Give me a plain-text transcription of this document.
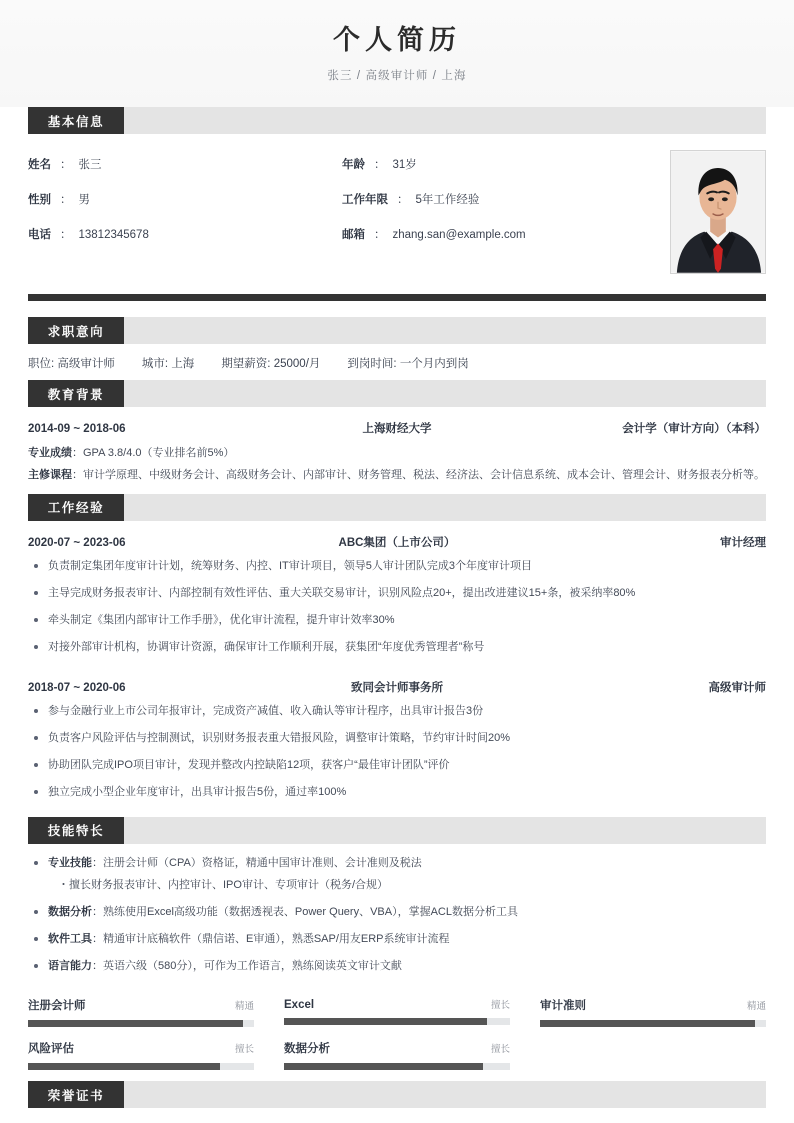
个人简历
张三 / 高级审计师 / 上海
基本信息
姓名 ： 张三	年龄 ： 31岁
性别 ： 男	工作年限 ： 5年工作经验
电话 ： 13812345678	邮箱 ： zhang.san@example.com
求职意向
职位: 高级审计师 城市: 上海 期望薪资: 25000/月 到岗时间: 一个月内到岗
教育背景
2014-09 ~ 2018-06	上海财经大学	会计学（审计方向）（本科）
专业成绩：GPA 3.8/4.0（专业排名前5%）
主修课程：审计学原理、中级财务会计、高级财务会计、内部审计、财务管理、税法、经济法、会计信息系统、成本会计、管理会计、财务报表分析等。
工作经验
2020-07 ~ 2023-06	ABC集团（上市公司）	审计经理
负责制定集团年度审计计划，统筹财务、内控、IT审计项目，领导5人审计团队完成3个年度审计项目
主导完成财务报表审计、内部控制有效性评估、重大关联交易审计，识别风险点20+，提出改进建议15+条，被采纳率80%
牵头制定《集团内部审计工作手册》，优化审计流程，提升审计效率30%
对接外部审计机构，协调审计资源，确保审计工作顺利开展，获集团“年度优秀管理者”称号
2018-07 ~ 2020-06	致同会计师事务所	高级审计师
参与金融行业上市公司年报审计，完成资产减值、收入确认等审计程序，出具审计报告3份
负责客户风险评估与控制测试，识别财务报表重大错报风险，调整审计策略，节约审计时间20%
协助团队完成IPO项目审计，发现并整改内控缺陷12项，获客户“最佳审计团队”评价
独立完成小型企业年度审计，出具审计报告5份，通过率100%
技能特长
专业技能：注册会计师（CPA）资格证，精通中国审计准则、会计准则及税法
・擅长财务报表审计、内控审计、IPO审计、专项审计（税务/合规）
数据分析：熟练使用Excel高级功能（数据透视表、Power Query、VBA），掌握ACL数据分析工具
软件工具：精通审计底稿软件（鼎信诺、E审通），熟悉SAP/用友ERP系统审计流程
语言能力：英语六级（580分），可作为工作语言，熟练阅读英文审计文献
注册会计师	精通	Excel	擅长	审计准则	精通
风险评估	擅长	数据分析	擅长
荣誉证书
